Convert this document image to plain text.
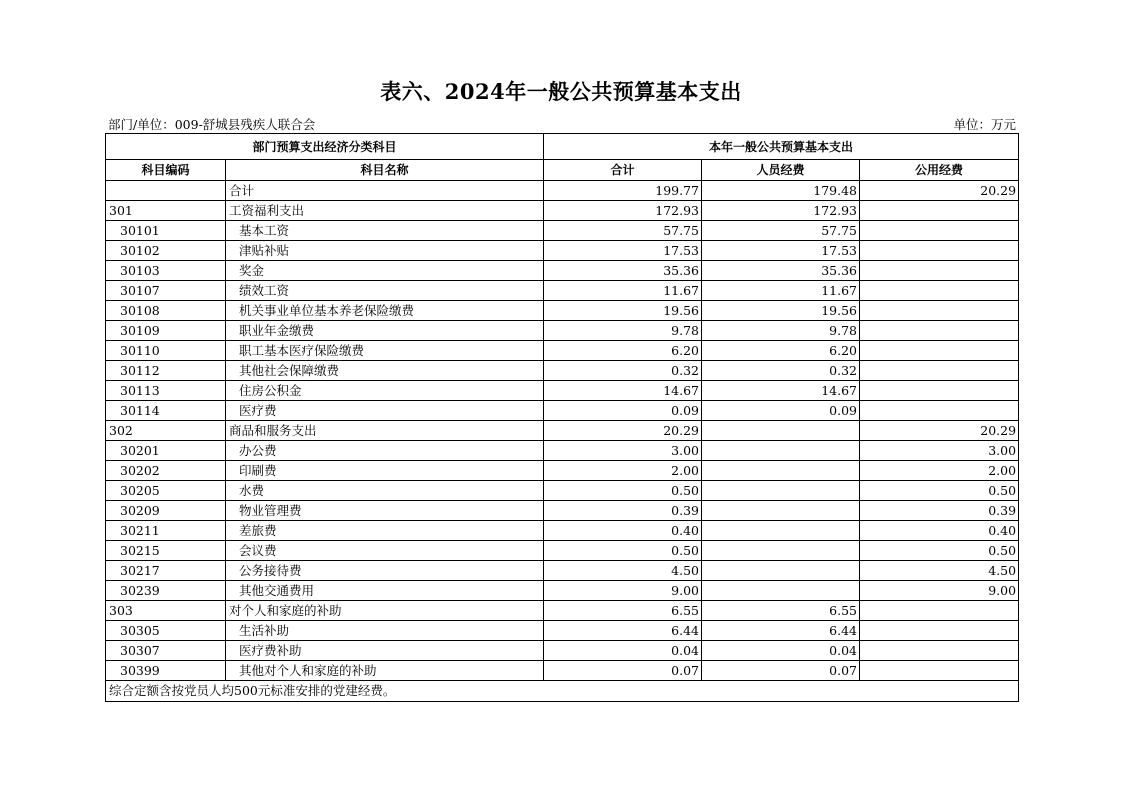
表六、2024年一般公共预算基本支出
部门/单位：009-舒城县残疾人联合会	单位：万元
部门预算支出经济分类科目		本年一般公共预算基本支出		
科目编码	科目名称	合计	人员经费	公用经费
	合计	199.77	179.48	20.29
301	工资福利支出	172.93	172.93	
30101	基本工资	57.75	57.75	
30102	津贴补贴	17.53	17.53	
30103	奖金	35.36	35.36	
30107	绩效工资	11.67	11.67	
30108	机关事业单位基本养老保险缴费	19.56	19.56	
30109	职业年金缴费	9.78	9.78	
30110	职工基本医疗保险缴费	6.20	6.20	
30112	其他社会保障缴费	0.32	0.32	
30113	住房公积金	14.67	14.67	
30114	医疗费	0.09	0.09	
302	商品和服务支出	20.29		20.29
30201	办公费	3.00		3.00
30202	印刷费	2.00		2.00
30205	水费	0.50		0.50
30209	物业管理费	0.39		0.39
30211	差旅费	0.40		0.40
30215	会议费	0.50		0.50
30217	公务接待费	4.50		4.50
30239	其他交通费用	9.00		9.00
303	对个人和家庭的补助	6.55	6.55	
30305	生活补助	6.44	6.44	
30307	医疗费补助	0.04	0.04	
30399	其他对个人和家庭的补助	0.07	0.07	
综合定额含按党员人均500元标准安排的党建经费。				
